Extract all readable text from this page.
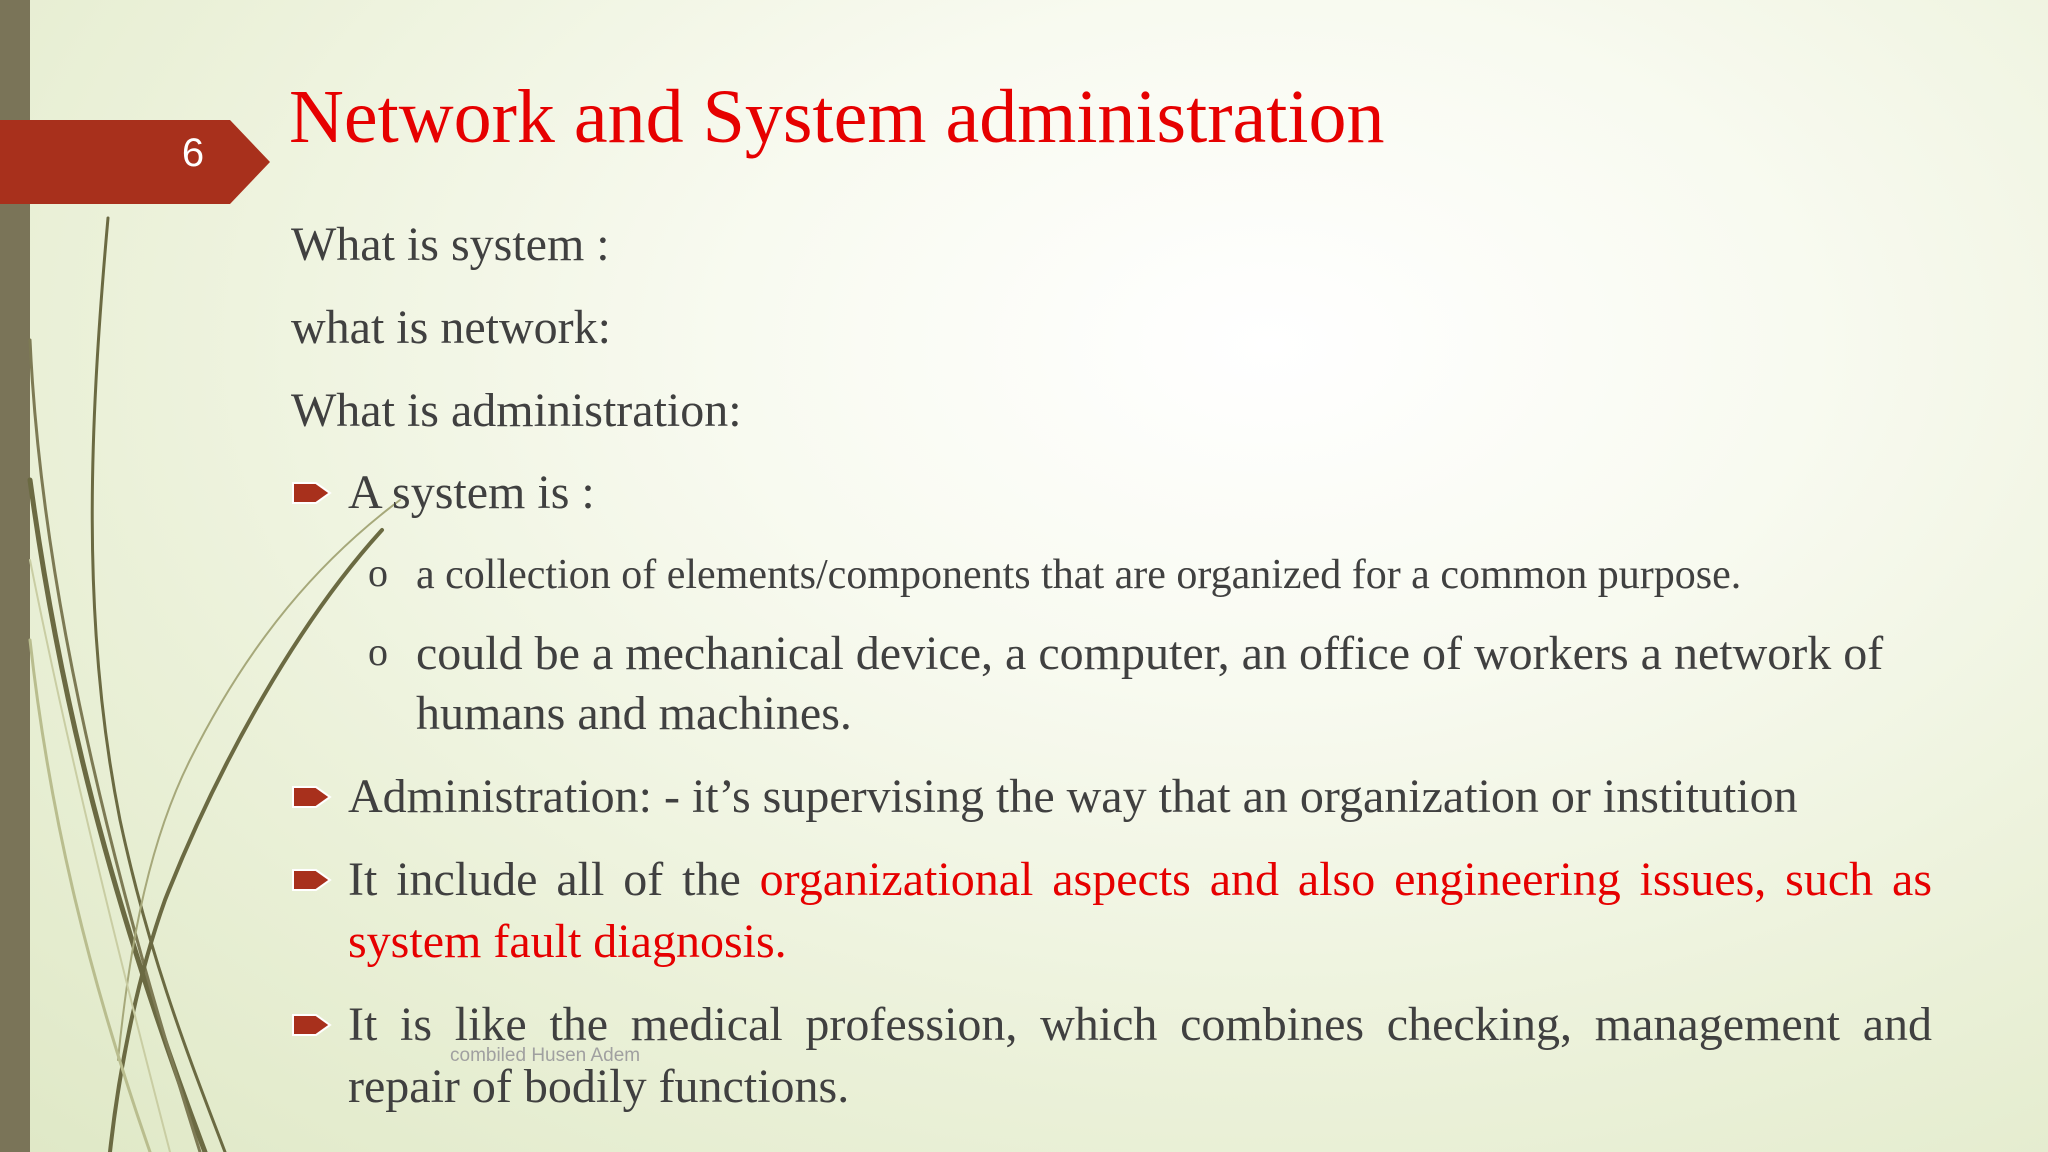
6 Network and System administration
What is system :
what is network:
What is administration:
A system is :
o a collection of elements/components that are organized for a common purpose.
o could be a mechanical device, a computer, an office of workers a network of humans and machines.
Administration: - it’s supervising the way that an organization or institution
It include all of the organizational aspects and also engineering issues, such as system fault diagnosis.
It is like the medical profession, which combines checking, management and repair of bodily functions.
combiled Husen Adem
